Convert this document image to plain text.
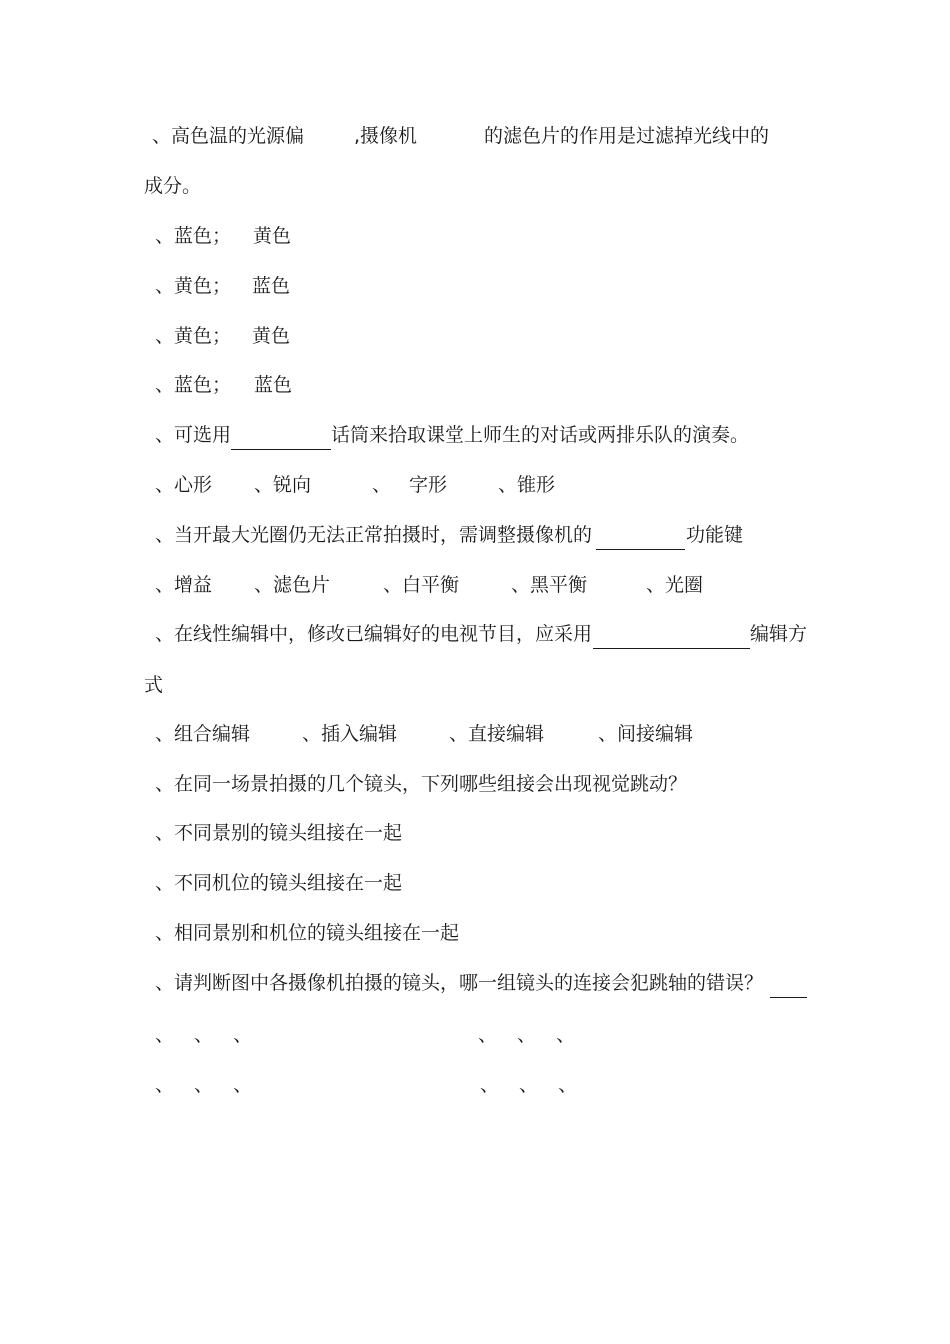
、高色温的光源偏	,摄像机	的滤色片的作用是过滤掉光线中的
成分。
、蓝色； 黄色
、黄色； 蓝色
、黄色； 黄色
、蓝色； 蓝色
、可选用	话筒来拾取课堂上师生的对话或两排乐队的演奏。
、心形 、锐向	、 字形	、锥形
、当开最大光圈仍无法正常拍摄时，需调整摄像机的	功能键
、增益 、滤色片	、白平衡	、黑平衡	、光圈
、在线性编辑中，修改已编辑好的电视节目，应采用	编辑方
式
、组合编辑	、插入编辑	、直接编辑	、间接编辑
、在同一场景拍摄的几个镜头，下列哪些组接会出现视觉跳动？
、不同景别的镜头组接在一起
、不同机位的镜头组接在一起
、相同景别和机位的镜头组接在一起
、请判断图中各摄像机拍摄的镜头，哪一组镜头的连接会犯跳轴的错误？
、 、 、	、 、 、
、 、 、	、 、 、
